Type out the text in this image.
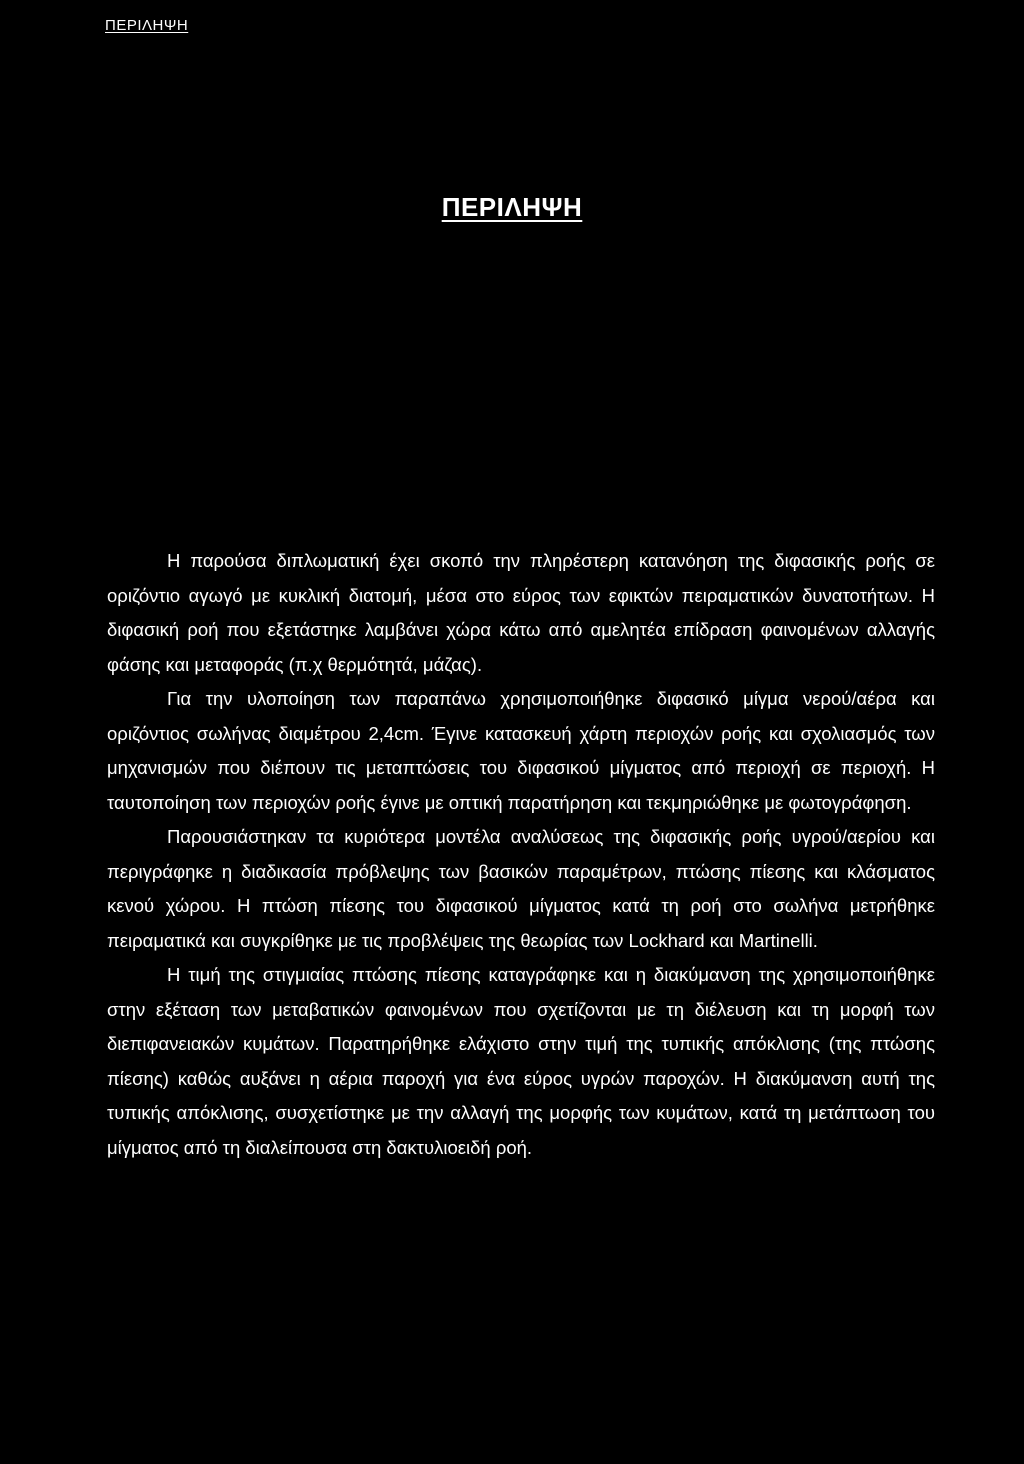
ΠΕΡΙΛΗΨΗ
ΠΕΡΙΛΗΨΗ

Η παρούσα διπλωματική έχει σκοπό την πληρέστερη κατανόηση της διφασικής ροής σε οριζόντιο αγωγό με κυκλική διατομή, μέσα στο εύρος των εφικτών πειραματικών δυνατοτήτων. Η διφασική ροή που εξετάστηκε λαμβάνει χώρα κάτω από αμελητέα επίδραση φαινομένων αλλαγής φάσης και μεταφοράς (π.χ θερμότητά, μάζας).

Για την υλοποίηση των παραπάνω χρησιμοποιήθηκε διφασικό μίγμα νερού/αέρα και οριζόντιος σωλήνας διαμέτρου 2,4cm. Έγινε κατασκευή χάρτη περιοχών ροής και σχολιασμός των μηχανισμών που διέπουν τις μεταπτώσεις του διφασικού μίγματος από περιοχή σε περιοχή. Η ταυτοποίηση των περιοχών ροής έγινε με οπτική παρατήρηση και τεκμηριώθηκε με φωτογράφηση.

Παρουσιάστηκαν τα κυριότερα μοντέλα αναλύσεως της διφασικής ροής υγρού/αερίου και περιγράφηκε η διαδικασία πρόβλεψης των βασικών παραμέτρων, πτώσης πίεσης και κλάσματος κενού χώρου. Η πτώση πίεσης του διφασικού μίγματος κατά τη ροή στο σωλήνα μετρήθηκε πειραματικά και συγκρίθηκε με τις προβλέψεις της θεωρίας των Lockhard και Martinelli.

Η τιμή της στιγμιαίας πτώσης πίεσης καταγράφηκε και η διακύμανση της χρησιμοποιήθηκε στην εξέταση των μεταβατικών φαινομένων που σχετίζονται με τη διέλευση και τη μορφή των διεπιφανειακών κυμάτων. Παρατηρήθηκε ελάχιστο στην τιμή της τυπικής απόκλισης (της πτώσης πίεσης) καθώς αυξάνει η αέρια παροχή για ένα εύρος υγρών παροχών. Η διακύμανση αυτή της τυπικής απόκλισης, συσχετίστηκε με την αλλαγή της μορφής των κυμάτων, κατά τη μετάπτωση του μίγματος από τη διαλείπουσα στη δακτυλιοειδή ροή.
